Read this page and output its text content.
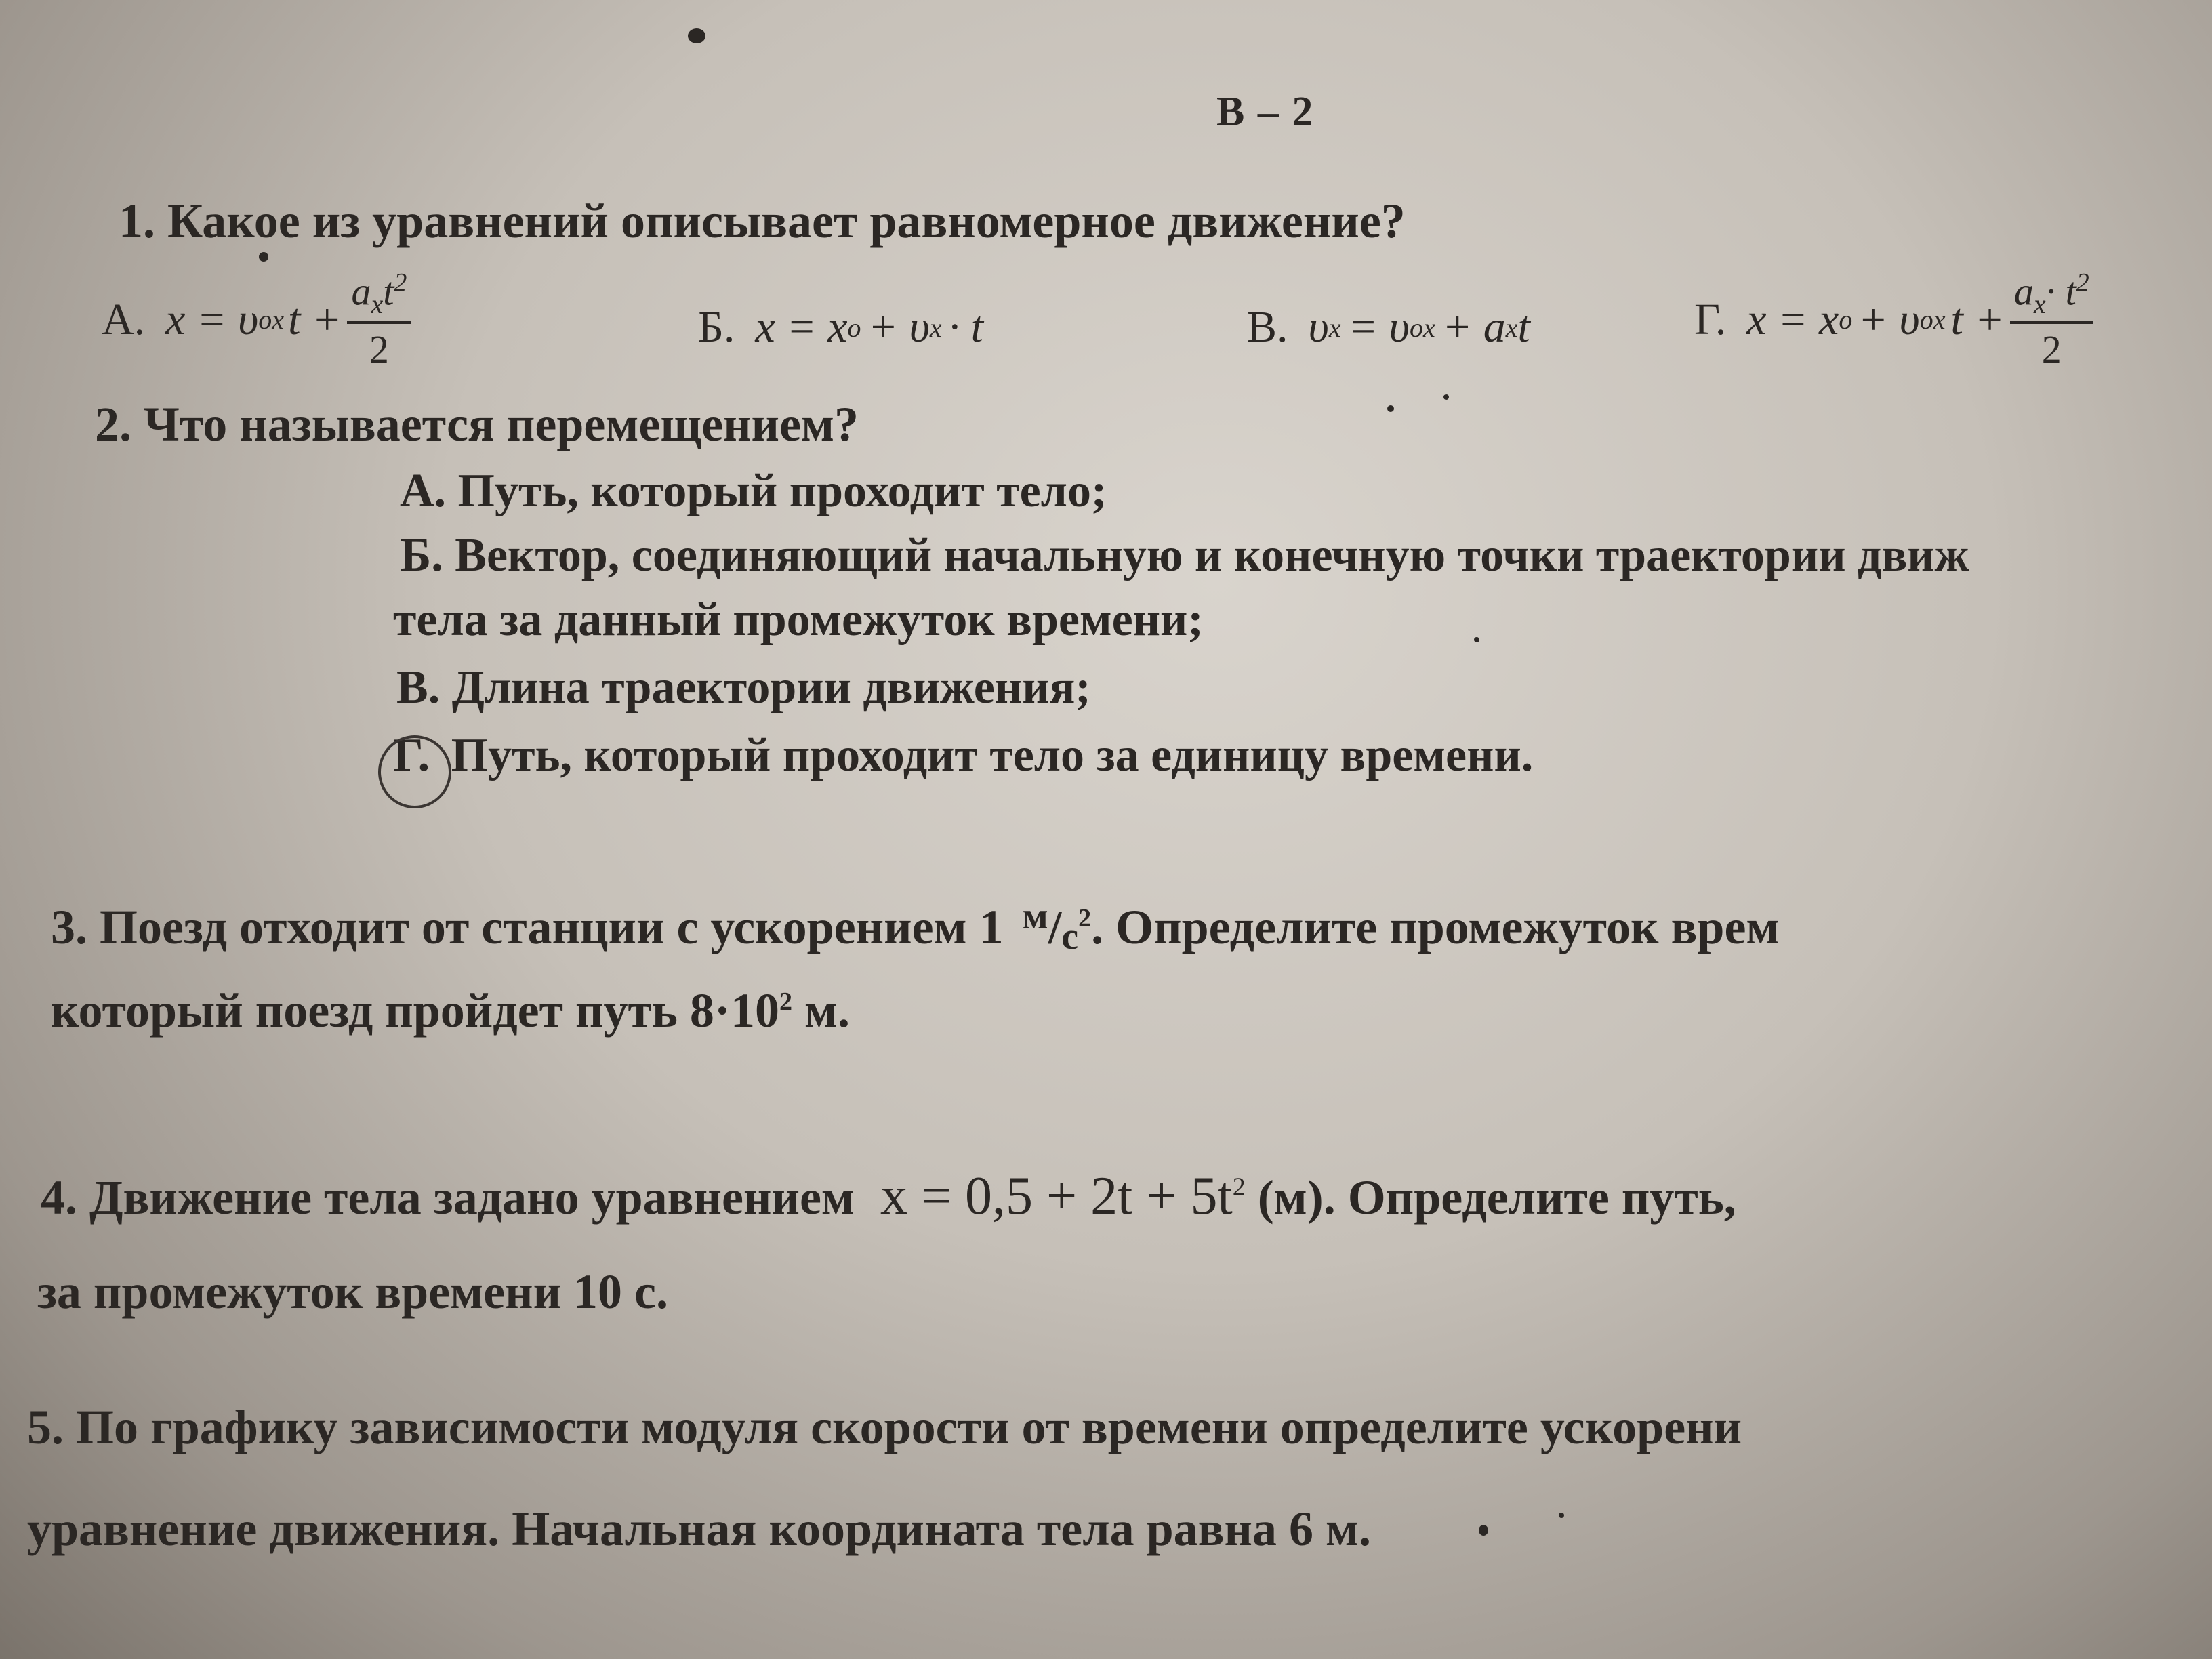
В – 2
1. Какое из уравнений описывает равномерное движение?
А. x = υ ox $t + \frac{a_xt^2}{2}$	Б. x = x o + υ x · t	В. υ x = υ ox + a x t	Г. x = x o + υ ox $t + \frac{a_x\cdot t^2}{2}$
2. Что называется перемещением?
А. Путь, который проходит тело;
Б. Вектор, соединяющий начальную и конечную точки траектории движ
тела за данный промежуток времени;
В. Длина траектории движения;
Г. Путь, который проходит тело за единицу времени.
3. Поезд отходит от станции с ускорением 1 $^м/с^2$. Определите промежуток врем
который поезд пройдет путь $8\cdot 10^2$ м.
4. Движение тела задано уравнением $x = 0,5 + 2t + 5t^2$ (м). Определите путь,
за промежуток времени 10 с.
5. По графику зависимости модуля скорости от времени определите ускорени
уравнение движения. Начальная координата тела равна 6 м.
